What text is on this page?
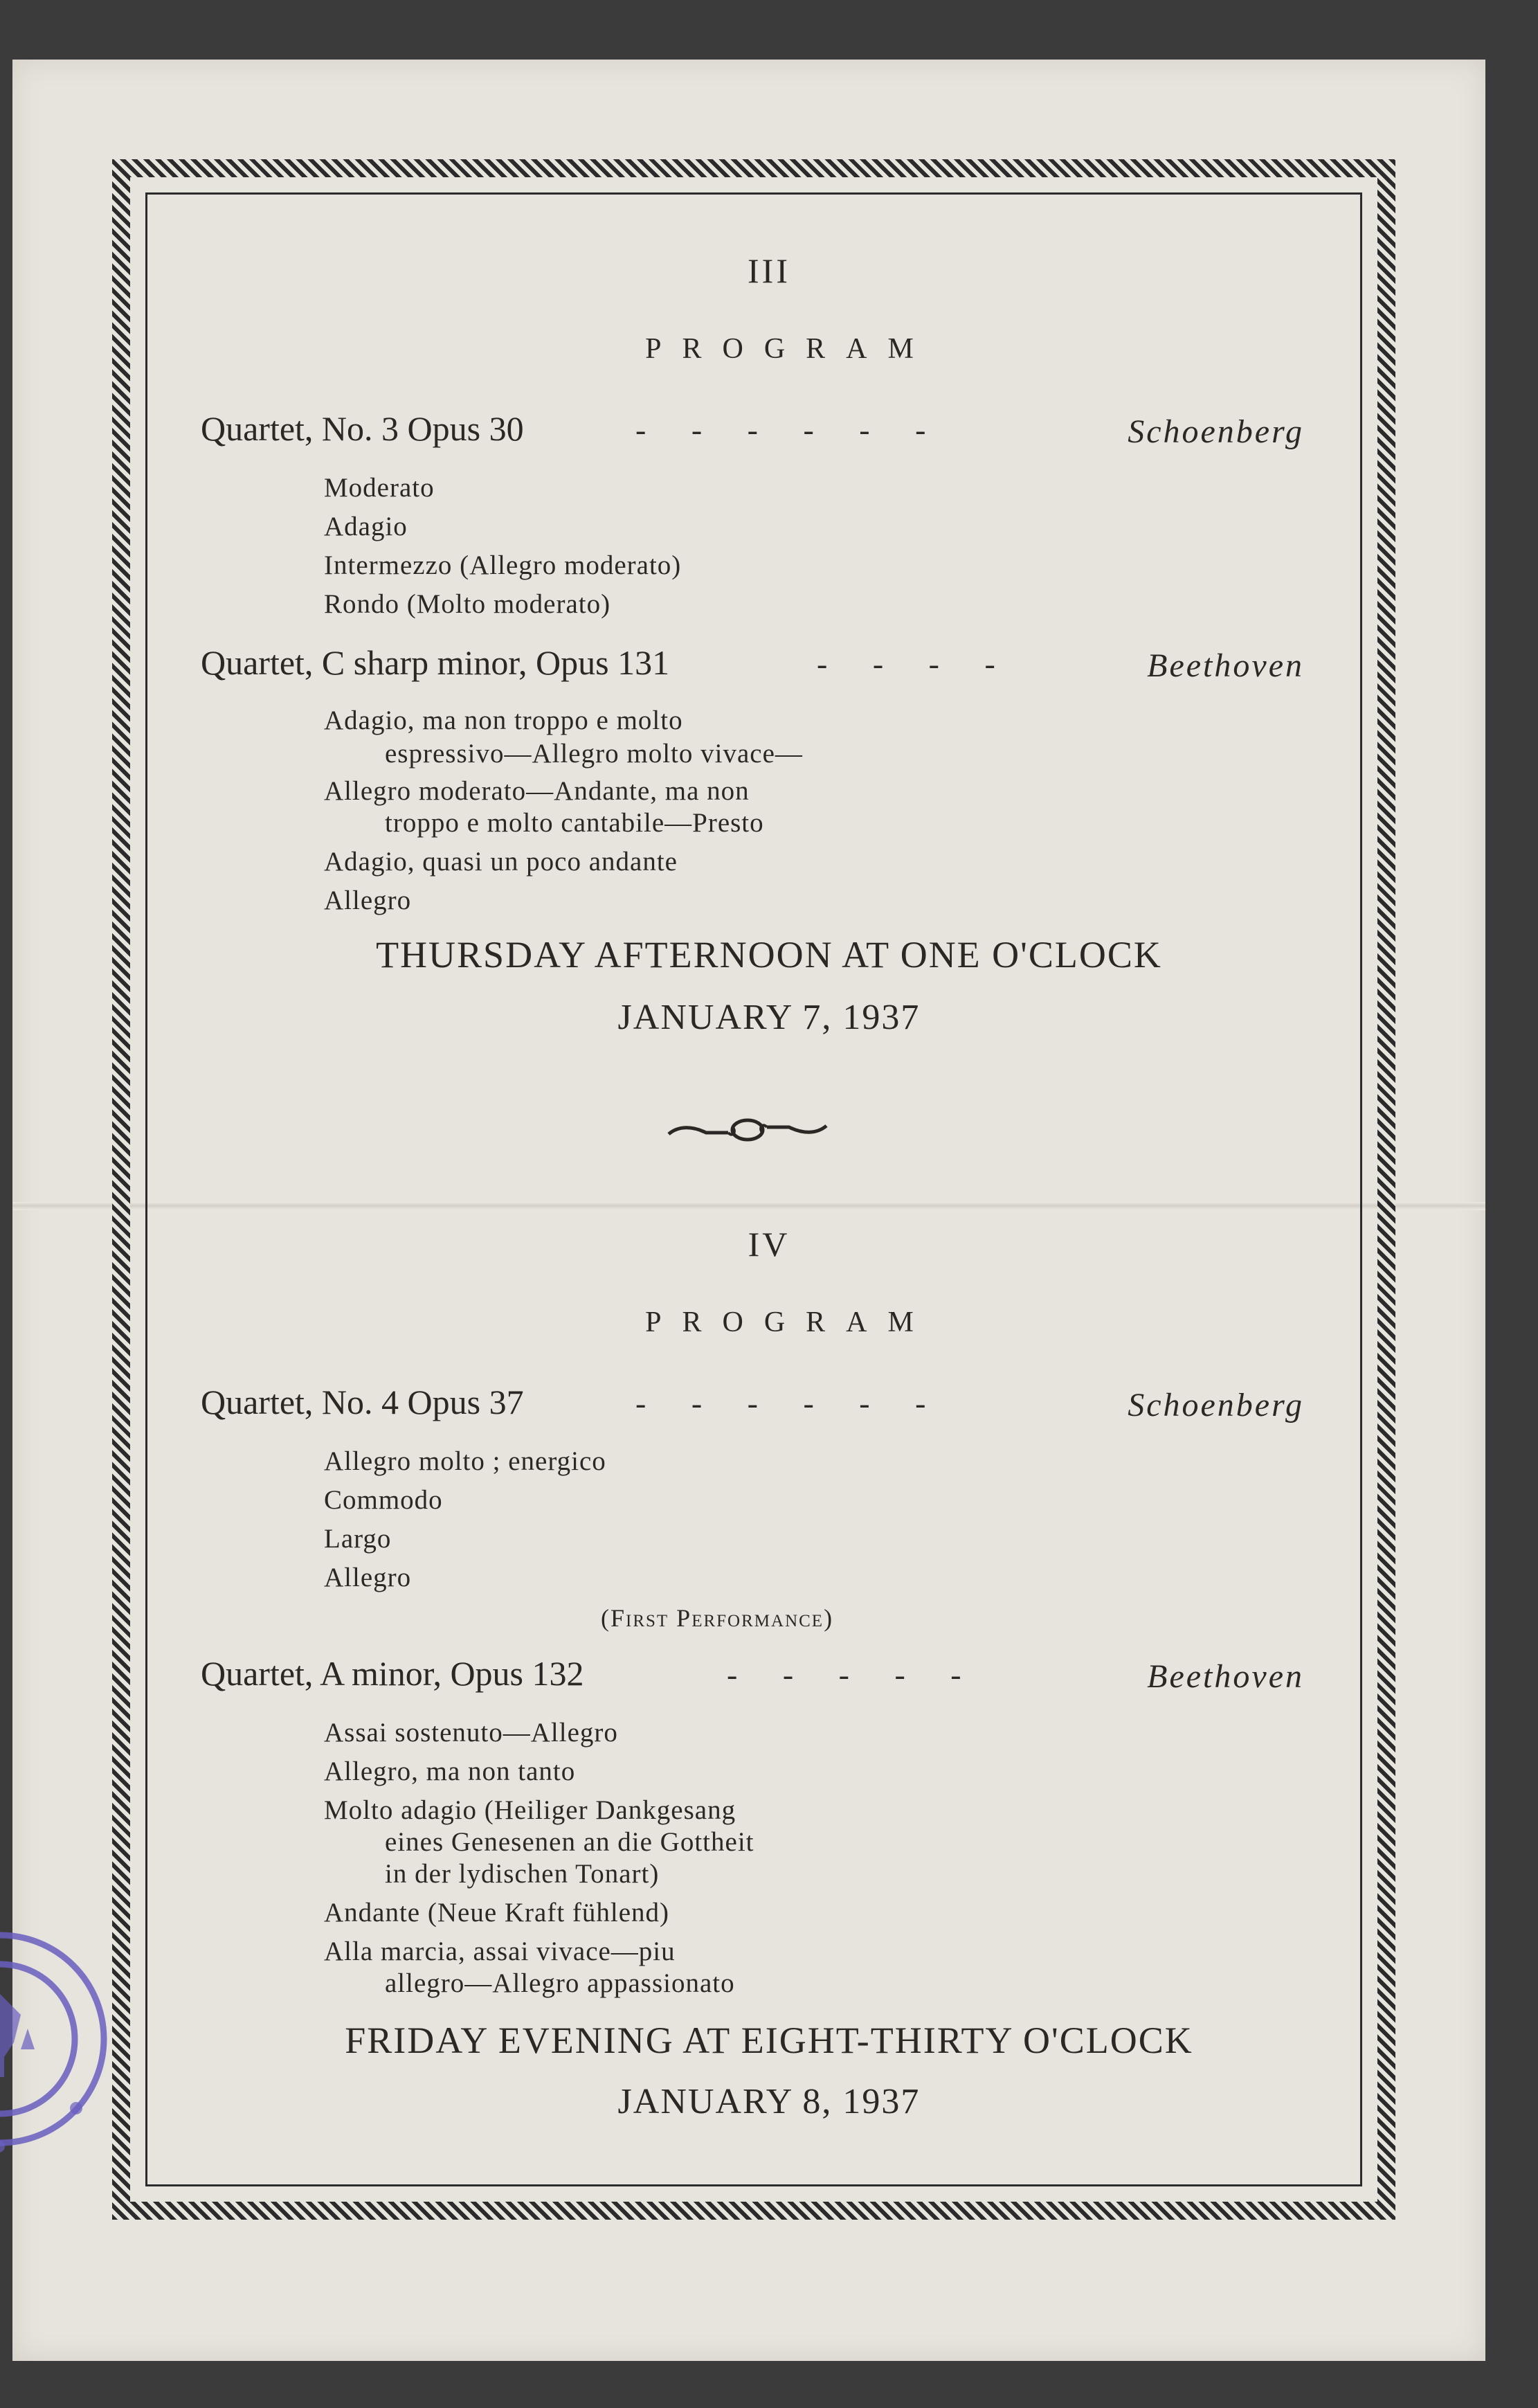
III
PROGRAM
Quartet, No. 3 Opus 30	- - - - - -	Schoenberg
Moderato
Adagio
Intermezzo (Allegro moderato)
Rondo (Molto moderato)
Quartet, C sharp minor, Opus 131	- - - -	Beethoven
Adagio, ma non troppo e molto
espressivo—Allegro molto vivace—
Allegro moderato—Andante, ma non
troppo e molto cantabile—Presto
Adagio, quasi un poco andante
Allegro
THURSDAY AFTERNOON AT ONE O'CLOCK
JANUARY 7, 1937
IV
PROGRAM
Quartet, No. 4 Opus 37	- - - - - -	Schoenberg
Allegro molto ; energico
Commodo
Largo
Allegro
(First Performance)
Quartet, A minor, Opus 132	- - - - -	Beethoven
Assai sostenuto—Allegro
Allegro, ma non tanto
Molto adagio (Heiliger Dankgesang
eines Genesenen an die Gottheit
in der lydischen Tonart)
Andante (Neue Kraft fühlend)
Alla marcia, assai vivace—piu
allegro—Allegro appassionato
FRIDAY EVENING AT EIGHT-THIRTY O'CLOCK
JANUARY 8, 1937
